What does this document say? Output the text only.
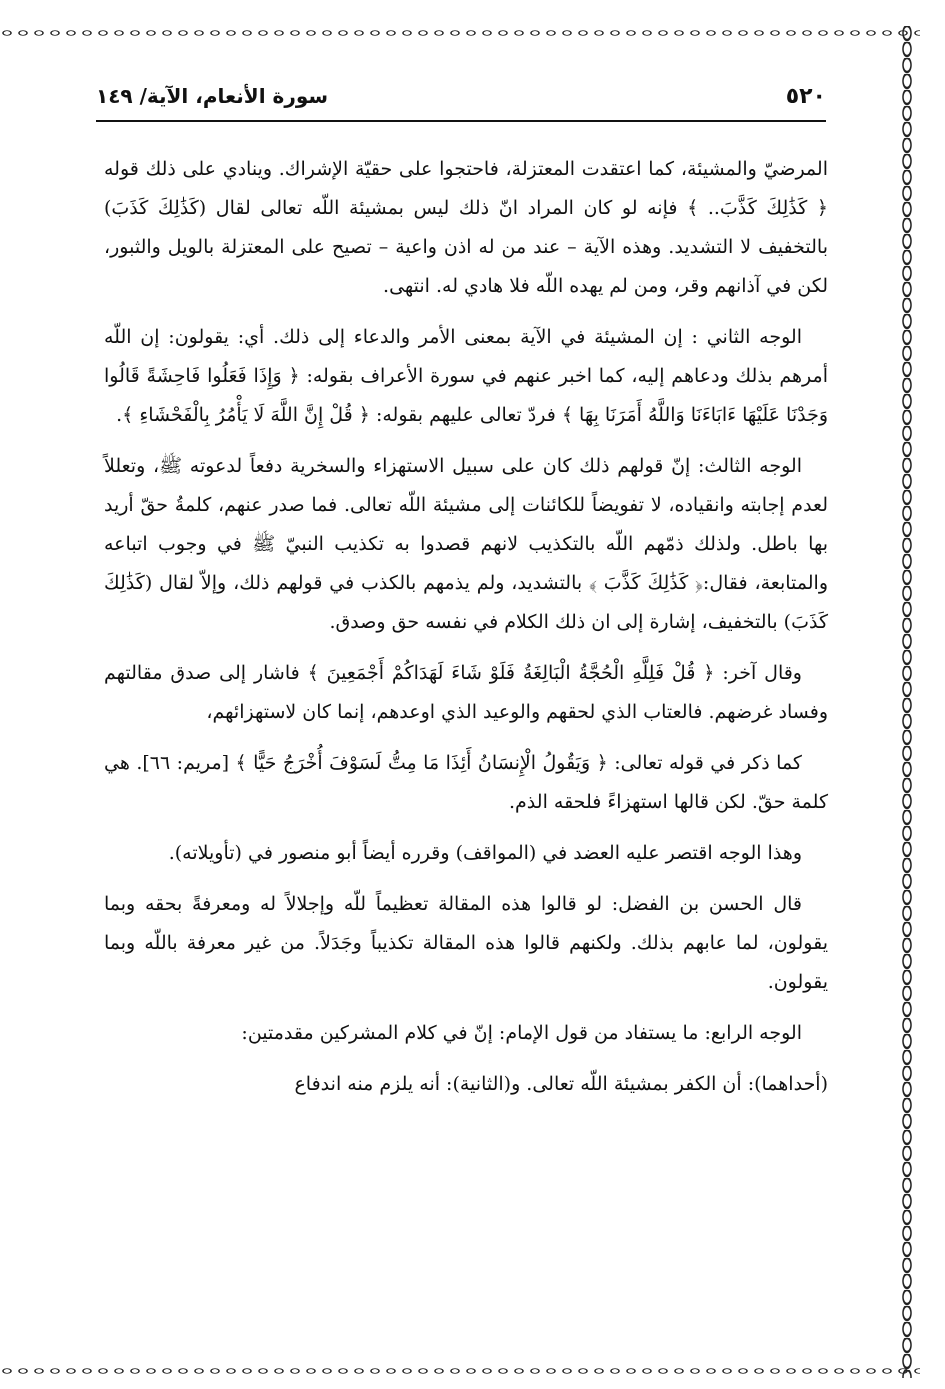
٥٢٠
سورة الأنعام، الآية/ ١٤٩

المرضيّ والمشيئة، كما اعتقدت المعتزلة، فاحتجوا على حقيّة الإشراك. وينادي على ذلك قوله ﴿ كَذَٰلِكَ كَذَّبَ.. ﴾ فإنه لو كان المراد انّ ذلك ليس بمشيئة اللّه تعالى لقال (كَذَٰلِكَ كَذَبَ) بالتخفيف لا التشديد. وهذه الآية – عند من له اذن واعية – تصيح على المعتزلة بالويل والثبور، لكن في آذانهم وقر، ومن لم يهده اللّه فلا هادي له. انتهى.

الوجه الثاني : إن المشيئة في الآية بمعنى الأمر والدعاء إلى ذلك. أي: يقولون: إن اللّه أمرهم بذلك ودعاهم إليه، كما اخبر عنهم في سورة الأعراف بقوله: ﴿ وَإِذَا فَعَلُوا فَاحِشَةً قَالُوا وَجَدْنَا عَلَيْهَا ءَابَاءَنَا وَاللَّهُ أَمَرَنَا بِهَا ﴾ فردّ تعالى عليهم بقوله: ﴿ قُلْ إِنَّ اللَّهَ لَا يَأْمُرُ بِالْفَحْشَاءِ ﴾.

الوجه الثالث: إنّ قولهم ذلك كان على سبيل الاستهزاء والسخرية دفعاً لدعوته ﷺ، وتعللاً لعدم إجابته وانقياده، لا تفويضاً للكائنات إلى مشيئة اللّه تعالى. فما صدر عنهم، كلمةُ حقّ أريد بها باطل. ولذلك ذمّهم اللّه بالتكذيب لانهم قصدوا به تكذيب النبيّ ﷺ في وجوب اتباعه والمتابعة، فقال:﴿ كَذَٰلِكَ كَذَّبَ ﴾ بالتشديد، ولم يذمهم بالكذب في قولهم ذلك، وإلاّ لقال (كَذَٰلِكَ كَذَبَ) بالتخفيف، إشارة إلى ان ذلك الكلام في نفسه حق وصدق.

وقال آخر: ﴿ قُلْ فَلِلَّهِ الْحُجَّةُ الْبَالِغَةُ فَلَوْ شَاءَ لَهَدَاكُمْ أَجْمَعِينَ ﴾ فاشار إلى صدق مقالتهم وفساد غرضهم. فالعتاب الذي لحقهم والوعيد الذي اوعدهم، إنما كان لاستهزائهم،

كما ذكر في قوله تعالى: ﴿ وَيَقُولُ الْإِنسَانُ أَئِذَا مَا مِتُّ لَسَوْفَ أُخْرَجُ حَيًّا ﴾ [مريم: ٦٦]. هي كلمة حقّ. لكن قالها استهزاءً فلحقه الذم.

وهذا الوجه اقتصر عليه العضد في (المواقف) وقرره أيضاً أبو منصور في (تأويلاته).

قال الحسن بن الفضل: لو قالوا هذه المقالة تعظيماً للّه وإجلالاً له ومعرفةً بحقه وبما يقولون، لما عابهم بذلك. ولكنهم قالوا هذه المقالة تكذيباً وجَدَلاً. من غير معرفة باللّه وبما يقولون.

الوجه الرابع: ما يستفاد من قول الإمام: إنّ في كلام المشركين مقدمتين:

(أحداهما): أن الكفر بمشيئة اللّه تعالى. و(الثانية): أنه يلزم منه اندفاع
